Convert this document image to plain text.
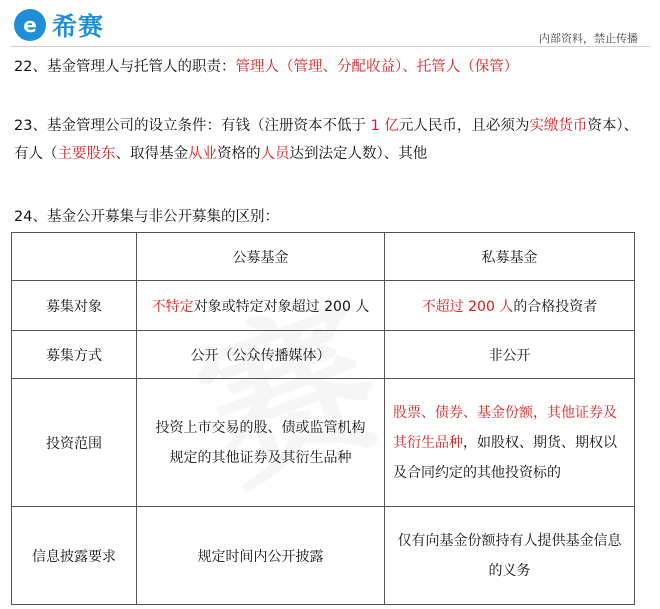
e 希赛	内部资料，禁止传播
22、基金管理人与托管人的职责：管理人（管理、分配收益）、托管人（保管）
23、基金管理公司的设立条件：有钱（注册资本不低于 1 亿元人民币，且必须为实缴货币资本）、有人（主要股东、取得基金从业资格的人员达到法定人数）、其他
24、基金公开募集与非公开募集的区别：
	公募基金	私募基金
募集对象	不特定对象或特定对象超过 200 人	不超过 200 人的合格投资者
募集方式	公开（公众传播媒体）	非公开
投资范围	投资上市交易的股、债或监管机构规定的其他证券及其衍生品种	股票、债券、基金份额，其他证券及其衍生品种，如股权、期货、期权以及合同约定的其他投资标的
信息披露要求	规定时间内公开披露	仅有向基金份额持有人提供基金信息的义务
